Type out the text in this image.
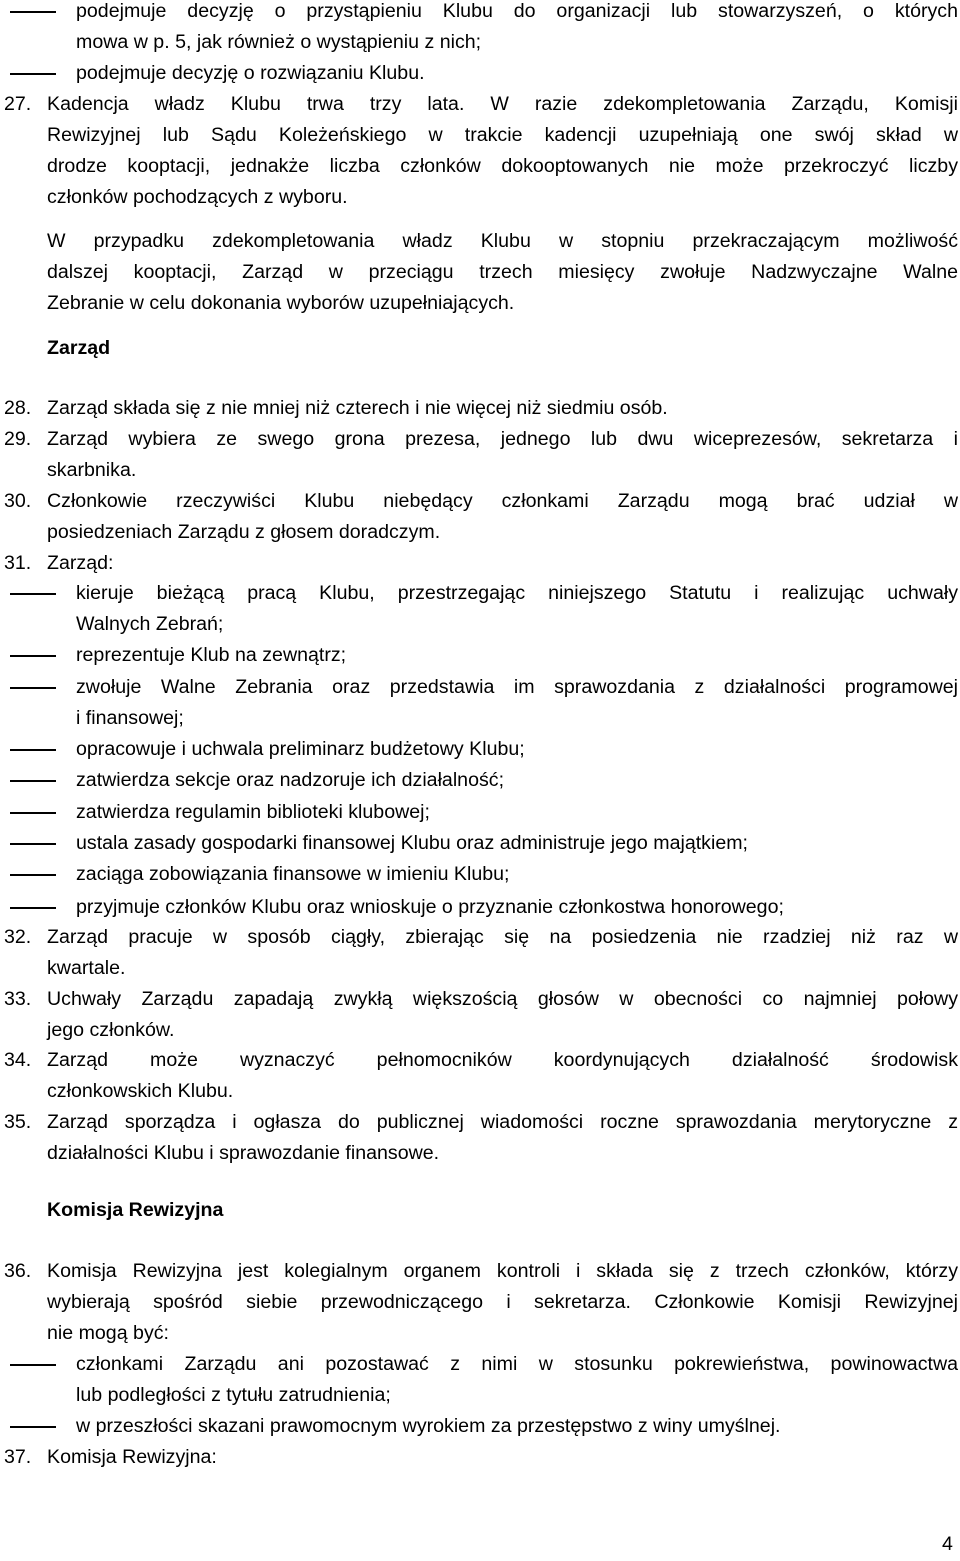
podejmuje decyzję o przystąpieniu Klubu do organizacji lub stowarzyszeń, o których
mowa w p. 5, jak również o wystąpieniu z nich;
podejmuje decyzję o rozwiązaniu Klubu.
27. Kadencja władz Klubu trwa trzy lata. W razie zdekompletowania Zarządu, Komisji
Rewizyjnej lub Sądu Koleżeńskiego w trakcie kadencji uzupełniają one swój skład w
drodze kooptacji, jednakże liczba członków dokooptowanych nie może przekroczyć liczby
członków pochodzących z wyboru.
W przypadku zdekompletowania władz Klubu w stopniu przekraczającym możliwość
dalszej kooptacji, Zarząd w przeciągu trzech miesięcy zwołuje Nadzwyczajne Walne
Zebranie w celu dokonania wyborów uzupełniających.
Zarząd
28. Zarząd składa się z nie mniej niż czterech i nie więcej niż siedmiu osób.
29. Zarząd wybiera ze swego grona prezesa, jednego lub dwu wiceprezesów, sekretarza i
skarbnika.
30. Członkowie rzeczywiści Klubu niebędący członkami Zarządu mogą brać udział w
posiedzeniach Zarządu z głosem doradczym.
31. Zarząd:
kieruje bieżącą pracą Klubu, przestrzegając niniejszego Statutu i realizując uchwały
Walnych Zebrań;
reprezentuje Klub na zewnątrz;
zwołuje Walne Zebrania oraz przedstawia im sprawozdania z działalności programowej
i finansowej;
opracowuje i uchwala preliminarz budżetowy Klubu;
zatwierdza sekcje oraz nadzoruje ich działalność;
zatwierdza regulamin biblioteki klubowej;
ustala zasady gospodarki finansowej Klubu oraz administruje jego majątkiem;
zaciąga zobowiązania finansowe w imieniu Klubu;
przyjmuje członków Klubu oraz wnioskuje o przyznanie członkostwa honorowego;
32. Zarząd pracuje w sposób ciągły, zbierając się na posiedzenia nie rzadziej niż raz w
kwartale.
33. Uchwały Zarządu zapadają zwykłą większością głosów w obecności co najmniej połowy
jego członków.
34. Zarząd może wyznaczyć pełnomocników koordynujących działalność środowisk
członkowskich Klubu.
35. Zarząd sporządza i ogłasza do publicznej wiadomości roczne sprawozdania merytoryczne z
działalności Klubu i sprawozdanie finansowe.
Komisja Rewizyjna
36. Komisja Rewizyjna jest kolegialnym organem kontroli i składa się z trzech członków, którzy
wybierają spośród siebie przewodniczącego i sekretarza. Członkowie Komisji Rewizyjnej
nie mogą być:
członkami Zarządu ani pozostawać z nimi w stosunku pokrewieństwa, powinowactwa
lub podległości z tytułu zatrudnienia;
w przeszłości skazani prawomocnym wyrokiem za przestępstwo z winy umyślnej.
37. Komisja Rewizyjna:
4
